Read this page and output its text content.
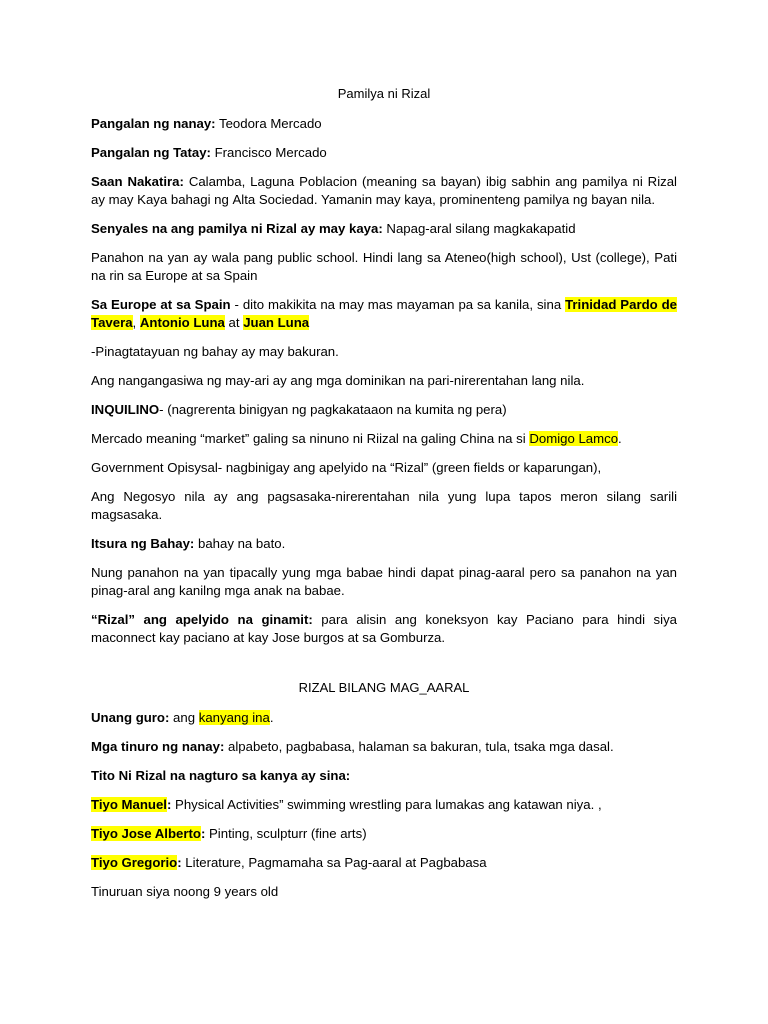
Pamilya ni Rizal

Pangalan ng nanay: Teodora Mercado

Pangalan ng Tatay: Francisco Mercado

Saan Nakatira: Calamba, Laguna Poblacion (meaning sa bayan) ibig sabhin ang pamilya ni Rizal ay may Kaya bahagi ng Alta Sociedad. Yamanin may kaya, prominenteng pamilya ng bayan nila.

Senyales na ang pamilya ni Rizal ay may kaya: Napag-aral silang magkakapatid

Panahon na yan ay wala pang public school. Hindi lang sa Ateneo(high school), Ust (college), Pati na rin sa Europe at sa Spain

Sa Europe at sa Spain - dito makikita na may mas mayaman pa sa kanila, sina Trinidad Pardo de Tavera, Antonio Luna at Juan Luna

-Pinagtatayuan ng bahay ay may bakuran.

Ang nangangasiwa ng may-ari ay ang mga dominikan na pari-nirerentahan lang nila.

INQUILINO- (nagrerenta binigyan ng pagkakataaon na kumita ng pera)

Mercado meaning “market” galing sa ninuno ni Riizal na galing China na si Domigo Lamco.

Government Opisysal- nagbinigay ang apelyido na “Rizal” (green fields or kaparungan),

Ang Negosyo nila ay ang pagsasaka-nirerentahan nila yung lupa tapos meron silang sarili magsasaka.

Itsura ng Bahay: bahay na bato.

Nung panahon na yan tipacally yung mga babae hindi dapat pinag-aaral pero sa panahon na yan pinag-aral ang kanilng mga anak na babae.

“Rizal” ang apelyido na ginamit: para alisin ang koneksyon kay Paciano para hindi siya maconnect kay paciano at kay Jose burgos at sa Gomburza.

RIZAL BILANG MAG_AARAL

Unang guro: ang kanyang ina.

Mga tinuro ng nanay: alpabeto, pagbabasa, halaman sa bakuran, tula, tsaka mga dasal.

Tito Ni Rizal na nagturo sa kanya ay sina:

Tiyo Manuel: Physical Activities” swimming wrestling para lumakas ang katawan niya. ,

Tiyo Jose Alberto: Pinting, sculpturr (fine arts)

Tiyo Gregorio: Literature, Pagmamaha sa Pag-aaral at Pagbabasa

Tinuruan siya noong 9 years old
